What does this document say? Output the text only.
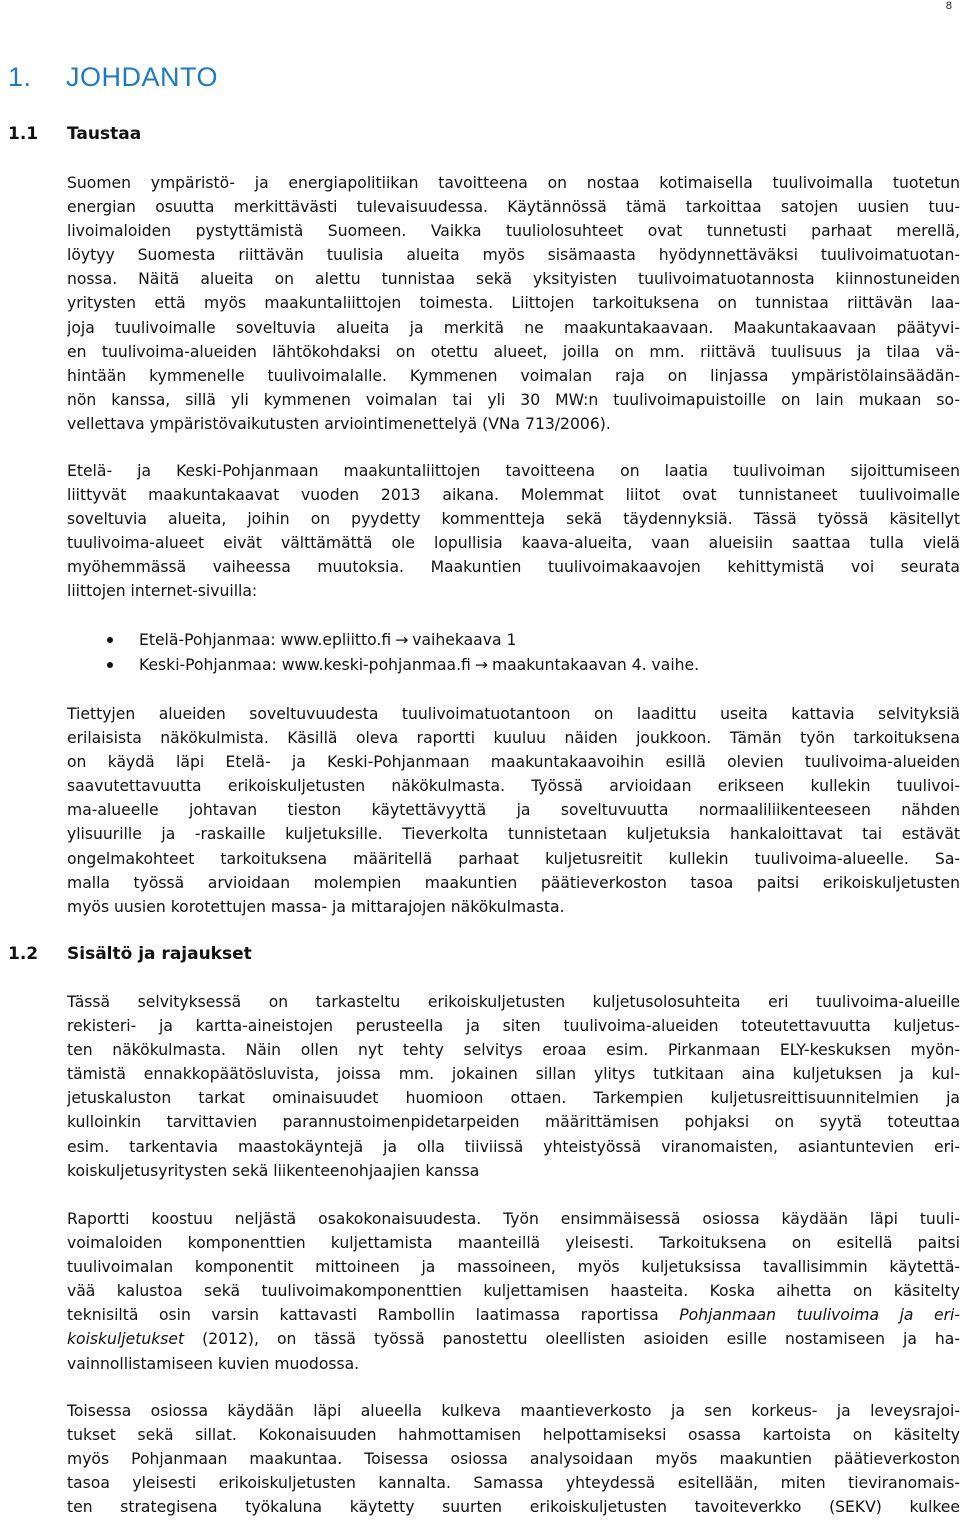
8
1. JOHDANTO
1.1 Taustaa
Suomen ympäristö- ja energiapolitiikan tavoitteena on nostaa kotimaisella tuulivoimalla tuotetun
energian osuutta merkittävästi tulevaisuudessa. Käytännössä tämä tarkoittaa satojen uusien tuu-
livoimaloiden pystyttämistä Suomeen. Vaikka tuuliolosuhteet ovat tunnetusti parhaat merellä,
löytyy Suomesta riittävän tuulisia alueita myös sisämaasta hyödynnettäväksi tuulivoimatuotan-
nossa. Näitä alueita on alettu tunnistaa sekä yksityisten tuulivoimatuotannosta kiinnostuneiden
yritysten että myös maakuntaliittojen toimesta. Liittojen tarkoituksena on tunnistaa riittävän laa-
joja tuulivoimalle soveltuvia alueita ja merkitä ne maakuntakaavaan. Maakuntakaavaan päätyvi-
en tuulivoima-alueiden lähtökohdaksi on otettu alueet, joilla on mm. riittävä tuulisuus ja tilaa vä-
hintään kymmenelle tuulivoimalalle. Kymmenen voimalan raja on linjassa ympäristölainsäädän-
nön kanssa, sillä yli kymmenen voimalan tai yli 30 MW:n tuulivoimapuistoille on lain mukaan so-
vellettava ympäristövaikutusten arviointimenettelyä (VNa 713/2006).
Etelä- ja Keski-Pohjanmaan maakuntaliittojen tavoitteena on laatia tuulivoiman sijoittumiseen
liittyvät maakuntakaavat vuoden 2013 aikana. Molemmat liitot ovat tunnistaneet tuulivoimalle
soveltuvia alueita, joihin on pyydetty kommentteja sekä täydennyksiä. Tässä työssä käsitellyt
tuulivoima-alueet eivät välttämättä ole lopullisia kaava-alueita, vaan alueisiin saattaa tulla vielä
myöhemmässä vaiheessa muutoksia. Maakuntien tuulivoimakaavojen kehittymistä voi seurata
liittojen internet-sivuilla:
Etelä-Pohjanmaa: www.epliitto.fi → vaihekaava 1
Keski-Pohjanmaa: www.keski-pohjanmaa.fi → maakuntakaavan 4. vaihe.
Tiettyjen alueiden soveltuvuudesta tuulivoimatuotantoon on laadittu useita kattavia selvityksiä
erilaisista näkökulmista. Käsillä oleva raportti kuuluu näiden joukkoon. Tämän työn tarkoituksena
on käydä läpi Etelä- ja Keski-Pohjanmaan maakuntakaavoihin esillä olevien tuulivoima-alueiden
saavutettavuutta erikoiskuljetusten näkökulmasta. Työssä arvioidaan erikseen kullekin tuulivoi-
ma-alueelle johtavan tieston käytettävyyttä ja soveltuvuutta normaaliliikenteeseen nähden
ylisuurille ja -raskaille kuljetuksille. Tieverkolta tunnistetaan kuljetuksia hankaloittavat tai estävät
ongelmakohteet tarkoituksena määritellä parhaat kuljetusreitit kullekin tuulivoima-alueelle. Sa-
malla työssä arvioidaan molempien maakuntien päätieverkoston tasoa paitsi erikoiskuljetusten
myös uusien korotettujen massa- ja mittarajojen näkökulmasta.
1.2 Sisältö ja rajaukset
Tässä selvityksessä on tarkasteltu erikoiskuljetusten kuljetusolosuhteita eri tuulivoima-alueille
rekisteri- ja kartta-aineistojen perusteella ja siten tuulivoima-alueiden toteutettavuutta kuljetus-
ten näkökulmasta. Näin ollen nyt tehty selvitys eroaa esim. Pirkanmaan ELY-keskuksen myön-
tämistä ennakkopäätösluvista, joissa mm. jokainen sillan ylitys tutkitaan aina kuljetuksen ja kul-
jetuskaluston tarkat ominaisuudet huomioon ottaen. Tarkempien kuljetusreittisuunnitelmien ja
kulloinkin tarvittavien parannustoimenpidetarpeiden määrittämisen pohjaksi on syytä toteuttaa
esim. tarkentavia maastokäyntejä ja olla tiiviissä yhteistyössä viranomaisten, asiantuntevien eri-
koiskuljetusyritysten sekä liikenteenohjaajien kanssa
Raportti koostuu neljästä osakokonaisuudesta. Työn ensimmäisessä osiossa käydään läpi tuuli-
voimaloiden komponenttien kuljettamista maanteillä yleisesti. Tarkoituksena on esitellä paitsi
tuulivoimalan komponentit mittoineen ja massoineen, myös kuljetuksissa tavallisimmin käytettä-
vää kalustoa sekä tuulivoimakomponenttien kuljettamisen haasteita. Koska aihetta on käsitelty
teknisiltä osin varsin kattavasti Rambollin laatimassa raportissa Pohjanmaan tuulivoima ja eri-
koiskuljetukset (2012), on tässä työssä panostettu oleellisten asioiden esille nostamiseen ja ha-
vainnollistamiseen kuvien muodossa.
Toisessa osiossa käydään läpi alueella kulkeva maantieverkosto ja sen korkeus- ja leveysrajoi-
tukset sekä sillat. Kokonaisuuden hahmottamisen helpottamiseksi osassa kartoista on käsitelty
myös Pohjanmaan maakuntaa. Toisessa osiossa analysoidaan myös maakuntien päätieverkoston
tasoa yleisesti erikoiskuljetusten kannalta. Samassa yhteydessä esitellään, miten tieviranomais-
ten strategisena työkaluna käytetty suurten erikoiskuljetusten tavoiteverkko (SEKV) kulkee
